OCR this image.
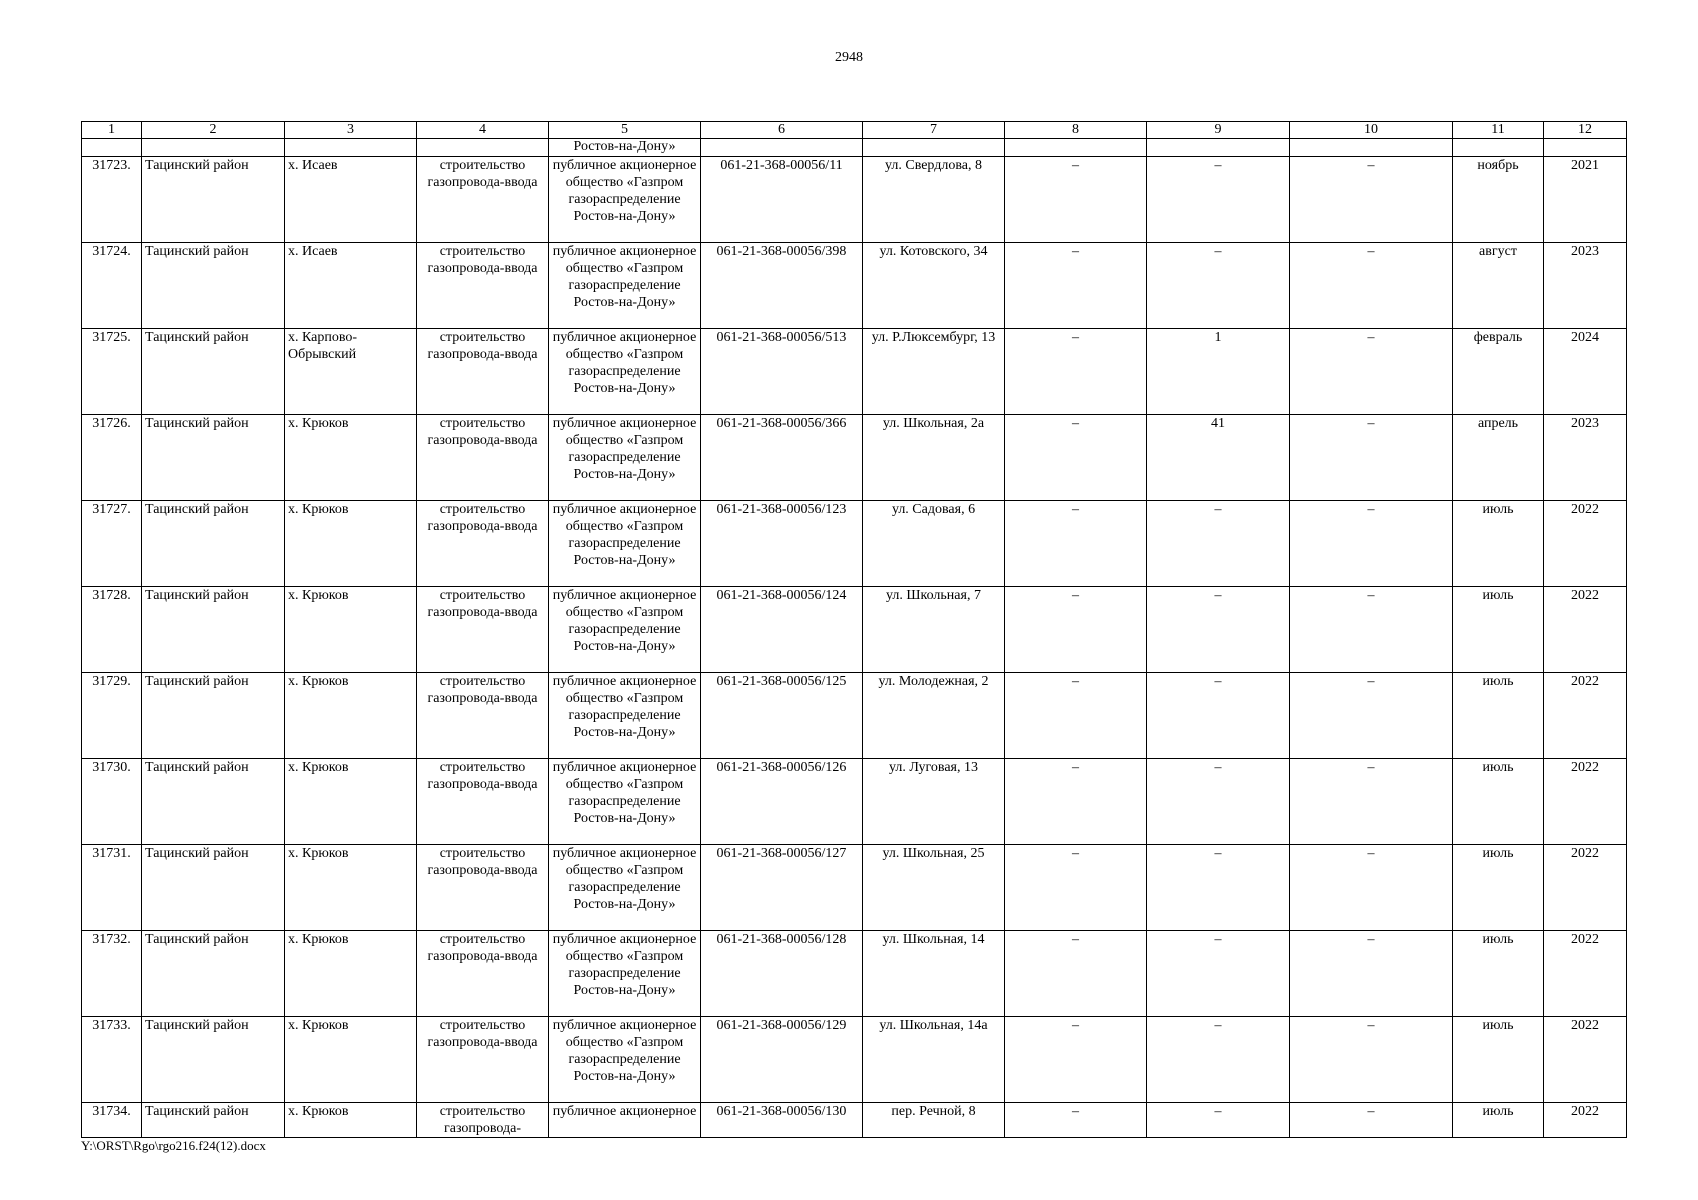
2948
1	2	3	4	5	6	7	8	9	10	11	12
				Ростов-на-Дону»							
31723.	Тацинский район	х. Исаев	строительство газопровода-ввода	публичное акционерное общество «Газпром газораспределение Ростов-на-Дону»	061-21-368-00056/11	ул. Свердлова, 8	–	–	–	ноябрь	2021
31724.	Тацинский район	х. Исаев	строительство газопровода-ввода	публичное акционерное общество «Газпром газораспределение Ростов-на-Дону»	061-21-368-00056/398	ул. Котовского, 34	–	–	–	август	2023
31725.	Тацинский район	х. Карпово-Обрывский	строительство газопровода-ввода	публичное акционерное общество «Газпром газораспределение Ростов-на-Дону»	061-21-368-00056/513	ул. Р.Люксембург, 13	–	1	–	февраль	2024
31726.	Тацинский район	х. Крюков	строительство газопровода-ввода	публичное акционерное общество «Газпром газораспределение Ростов-на-Дону»	061-21-368-00056/366	ул. Школьная, 2а	–	41	–	апрель	2023
31727.	Тацинский район	х. Крюков	строительство газопровода-ввода	публичное акционерное общество «Газпром газораспределение Ростов-на-Дону»	061-21-368-00056/123	ул. Садовая, 6	–	–	–	июль	2022
31728.	Тацинский район	х. Крюков	строительство газопровода-ввода	публичное акционерное общество «Газпром газораспределение Ростов-на-Дону»	061-21-368-00056/124	ул. Школьная, 7	–	–	–	июль	2022
31729.	Тацинский район	х. Крюков	строительство газопровода-ввода	публичное акционерное общество «Газпром газораспределение Ростов-на-Дону»	061-21-368-00056/125	ул. Молодежная, 2	–	–	–	июль	2022
31730.	Тацинский район	х. Крюков	строительство газопровода-ввода	публичное акционерное общество «Газпром газораспределение Ростов-на-Дону»	061-21-368-00056/126	ул. Луговая, 13	–	–	–	июль	2022
31731.	Тацинский район	х. Крюков	строительство газопровода-ввода	публичное акционерное общество «Газпром газораспределение Ростов-на-Дону»	061-21-368-00056/127	ул. Школьная, 25	–	–	–	июль	2022
31732.	Тацинский район	х. Крюков	строительство газопровода-ввода	публичное акционерное общество «Газпром газораспределение Ростов-на-Дону»	061-21-368-00056/128	ул. Школьная, 14	–	–	–	июль	2022
31733.	Тацинский район	х. Крюков	строительство газопровода-ввода	публичное акционерное общество «Газпром газораспределение Ростов-на-Дону»	061-21-368-00056/129	ул. Школьная, 14а	–	–	–	июль	2022
31734.	Тацинский район	х. Крюков	строительство газопровода-	публичное акционерное	061-21-368-00056/130	пер. Речной, 8	–	–	–	июль	2022
Y:\ORST\Rgo\rgo216.f24(12).docx
